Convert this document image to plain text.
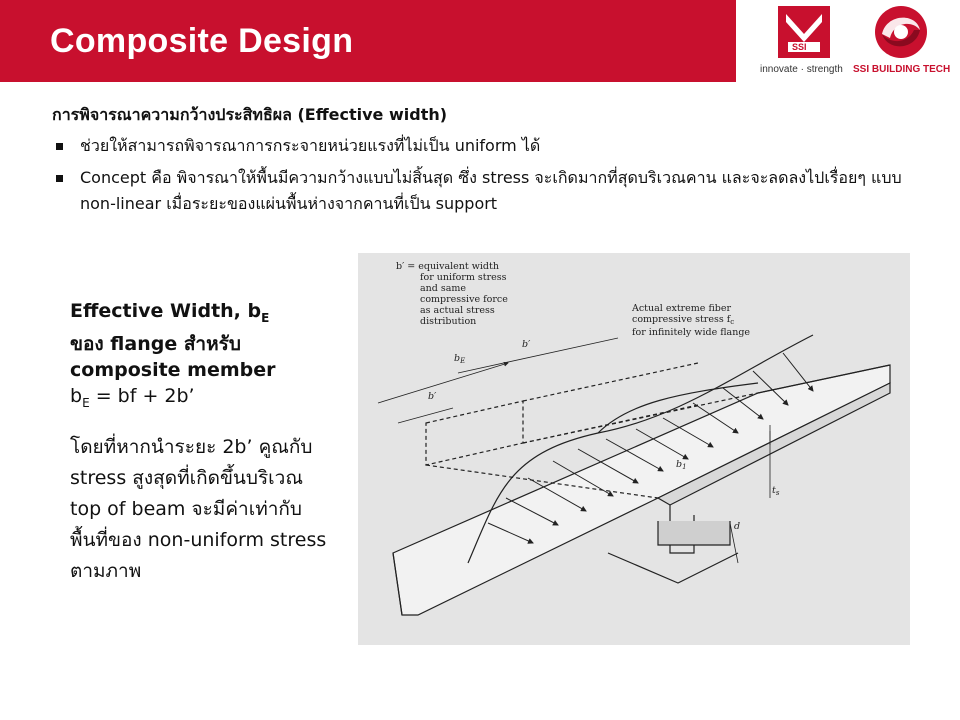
Composite Design	SSI
innovate · strength SSI BUILDING TECH
การพิจารณาความกว้างประสิทธิผล (Effective width)
ช่วยให้สามารถพิจารณาการกระจายหน่วยแรงที่ไม่เป็น uniform ได้
Concept คือ พิจารณาให้พื้นมีความกว้างแบบไม่สิ้นสุด ซึ่ง stress จะเกิดมากที่สุดบริเวณคาน และจะลดลงไปเรื่อยๆ แบบ non-linear เมื่อระยะของแผ่นพื้นห่างจากคานที่เป็น support

Effective Width, $b_E$

ของ flange สำหรับ

composite member

$b_E$ = bf + 2b’

โดยที่หากนำระยะ 2b’ คูณกับ stress สูงสุดที่เกิดขึ้นบริเวณ top of beam จะมีค่าเท่ากับพื้นที่ของ non-uniform stress ตามภาพ
b′ = equivalent width
for uniform stress
and same
compressive force
as actual stress
distribution
Actual extreme fiber
compressive stress $f_c$
for infinitely wide flange
b′
$b_E$
b′
$b_1$
$t_s$
d
